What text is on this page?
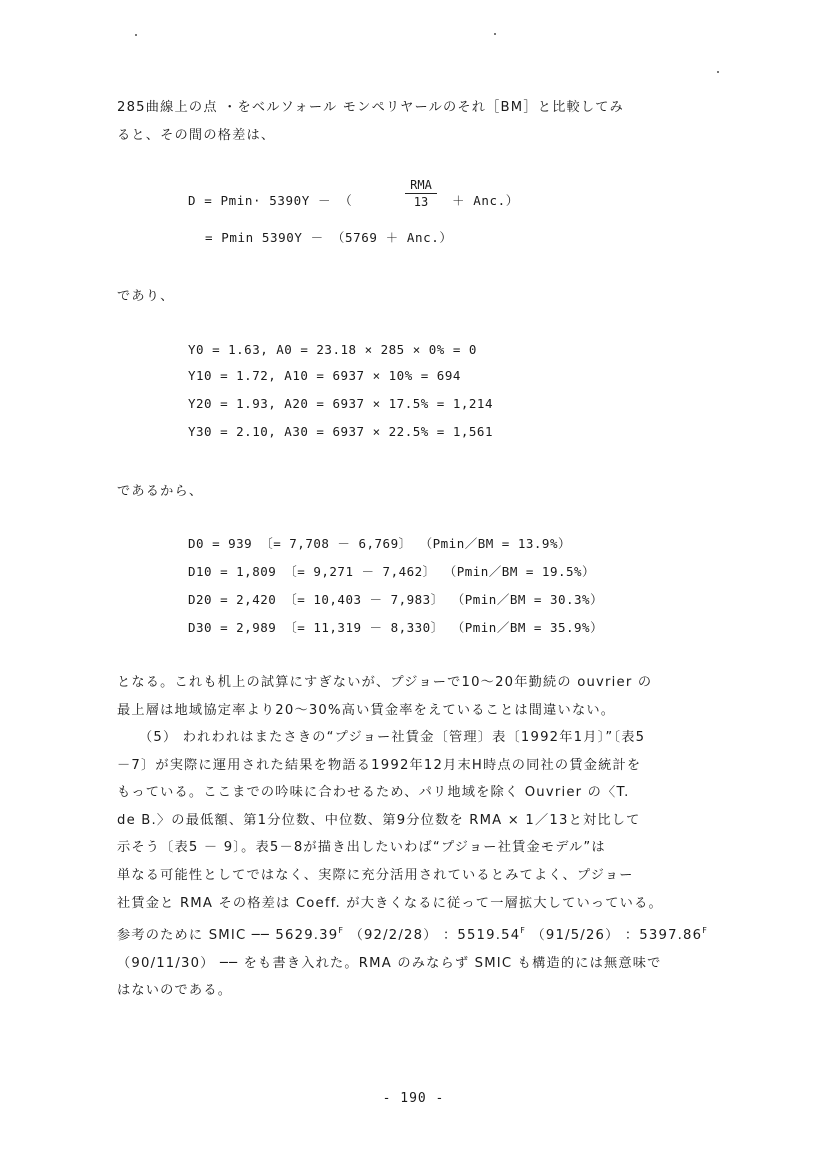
285曲線上の点 ・をベルソォール モンペリヤールのそれ［BM］と比較してみ
ると、その間の格差は、
D = Pmin· 5390Y － （
RMA
13	＋ Anc.）
= Pmin 5390Y － （5769 ＋ Anc.）
であり、
Y0 = 1.63, A0 = 23.18 × 285 × 0% = 0
Y10 = 1.72, A10 = 6937 × 10% = 694
Y20 = 1.93, A20 = 6937 × 17.5% = 1,214
Y30 = 2.10, A30 = 6937 × 22.5% = 1,561
であるから、
D0 = 939 〔= 7,708 － 6,769〕 （Pmin／BM = 13.9%）
D10 = 1,809 〔= 9,271 － 7,462〕 （Pmin／BM = 19.5%）
D20 = 2,420 〔= 10,403 － 7,983〕 （Pmin／BM = 30.3%）
D30 = 2,989 〔= 11,319 － 8,330〕 （Pmin／BM = 35.9%）
となる。これも机上の試算にすぎないが、プジョーで10～20年勤続の ouvrier の
最上層は地域協定率より20～30%高い賃金率をえていることは間違いない。
（5） われわれはまたさきの“プジョー社賃金〔管理〕表〔1992年1月〕”〔表5
－7〕が実際に運用された結果を物語る1992年12月末H時点の同社の賃金統計を
もっている。ここまでの吟味に合わせるため、パリ地域を除く Ouvrier の〈T.
de B.〉の最低額、第1分位数、中位数、第9分位数を RMA × 1／13と対比して
示そう〔表5 － 9〕。表5－8が描き出したいわば“プジョー社賃金モデル”は
単なる可能性としてではなく、実際に充分活用されているとみてよく、プジョー
社賃金と RMA その格差は Coeff. が大きくなるに従って一層拡大していっている。
参考のために SMIC ── $5629.39^F$ （92/2/28） ：$5519.54^F$ （91/5/26） ：$5397.86^F$
（90/11/30） ── をも書き入れた。RMA のみならず SMIC も構造的には無意味で
はないのである。
- 190 -
